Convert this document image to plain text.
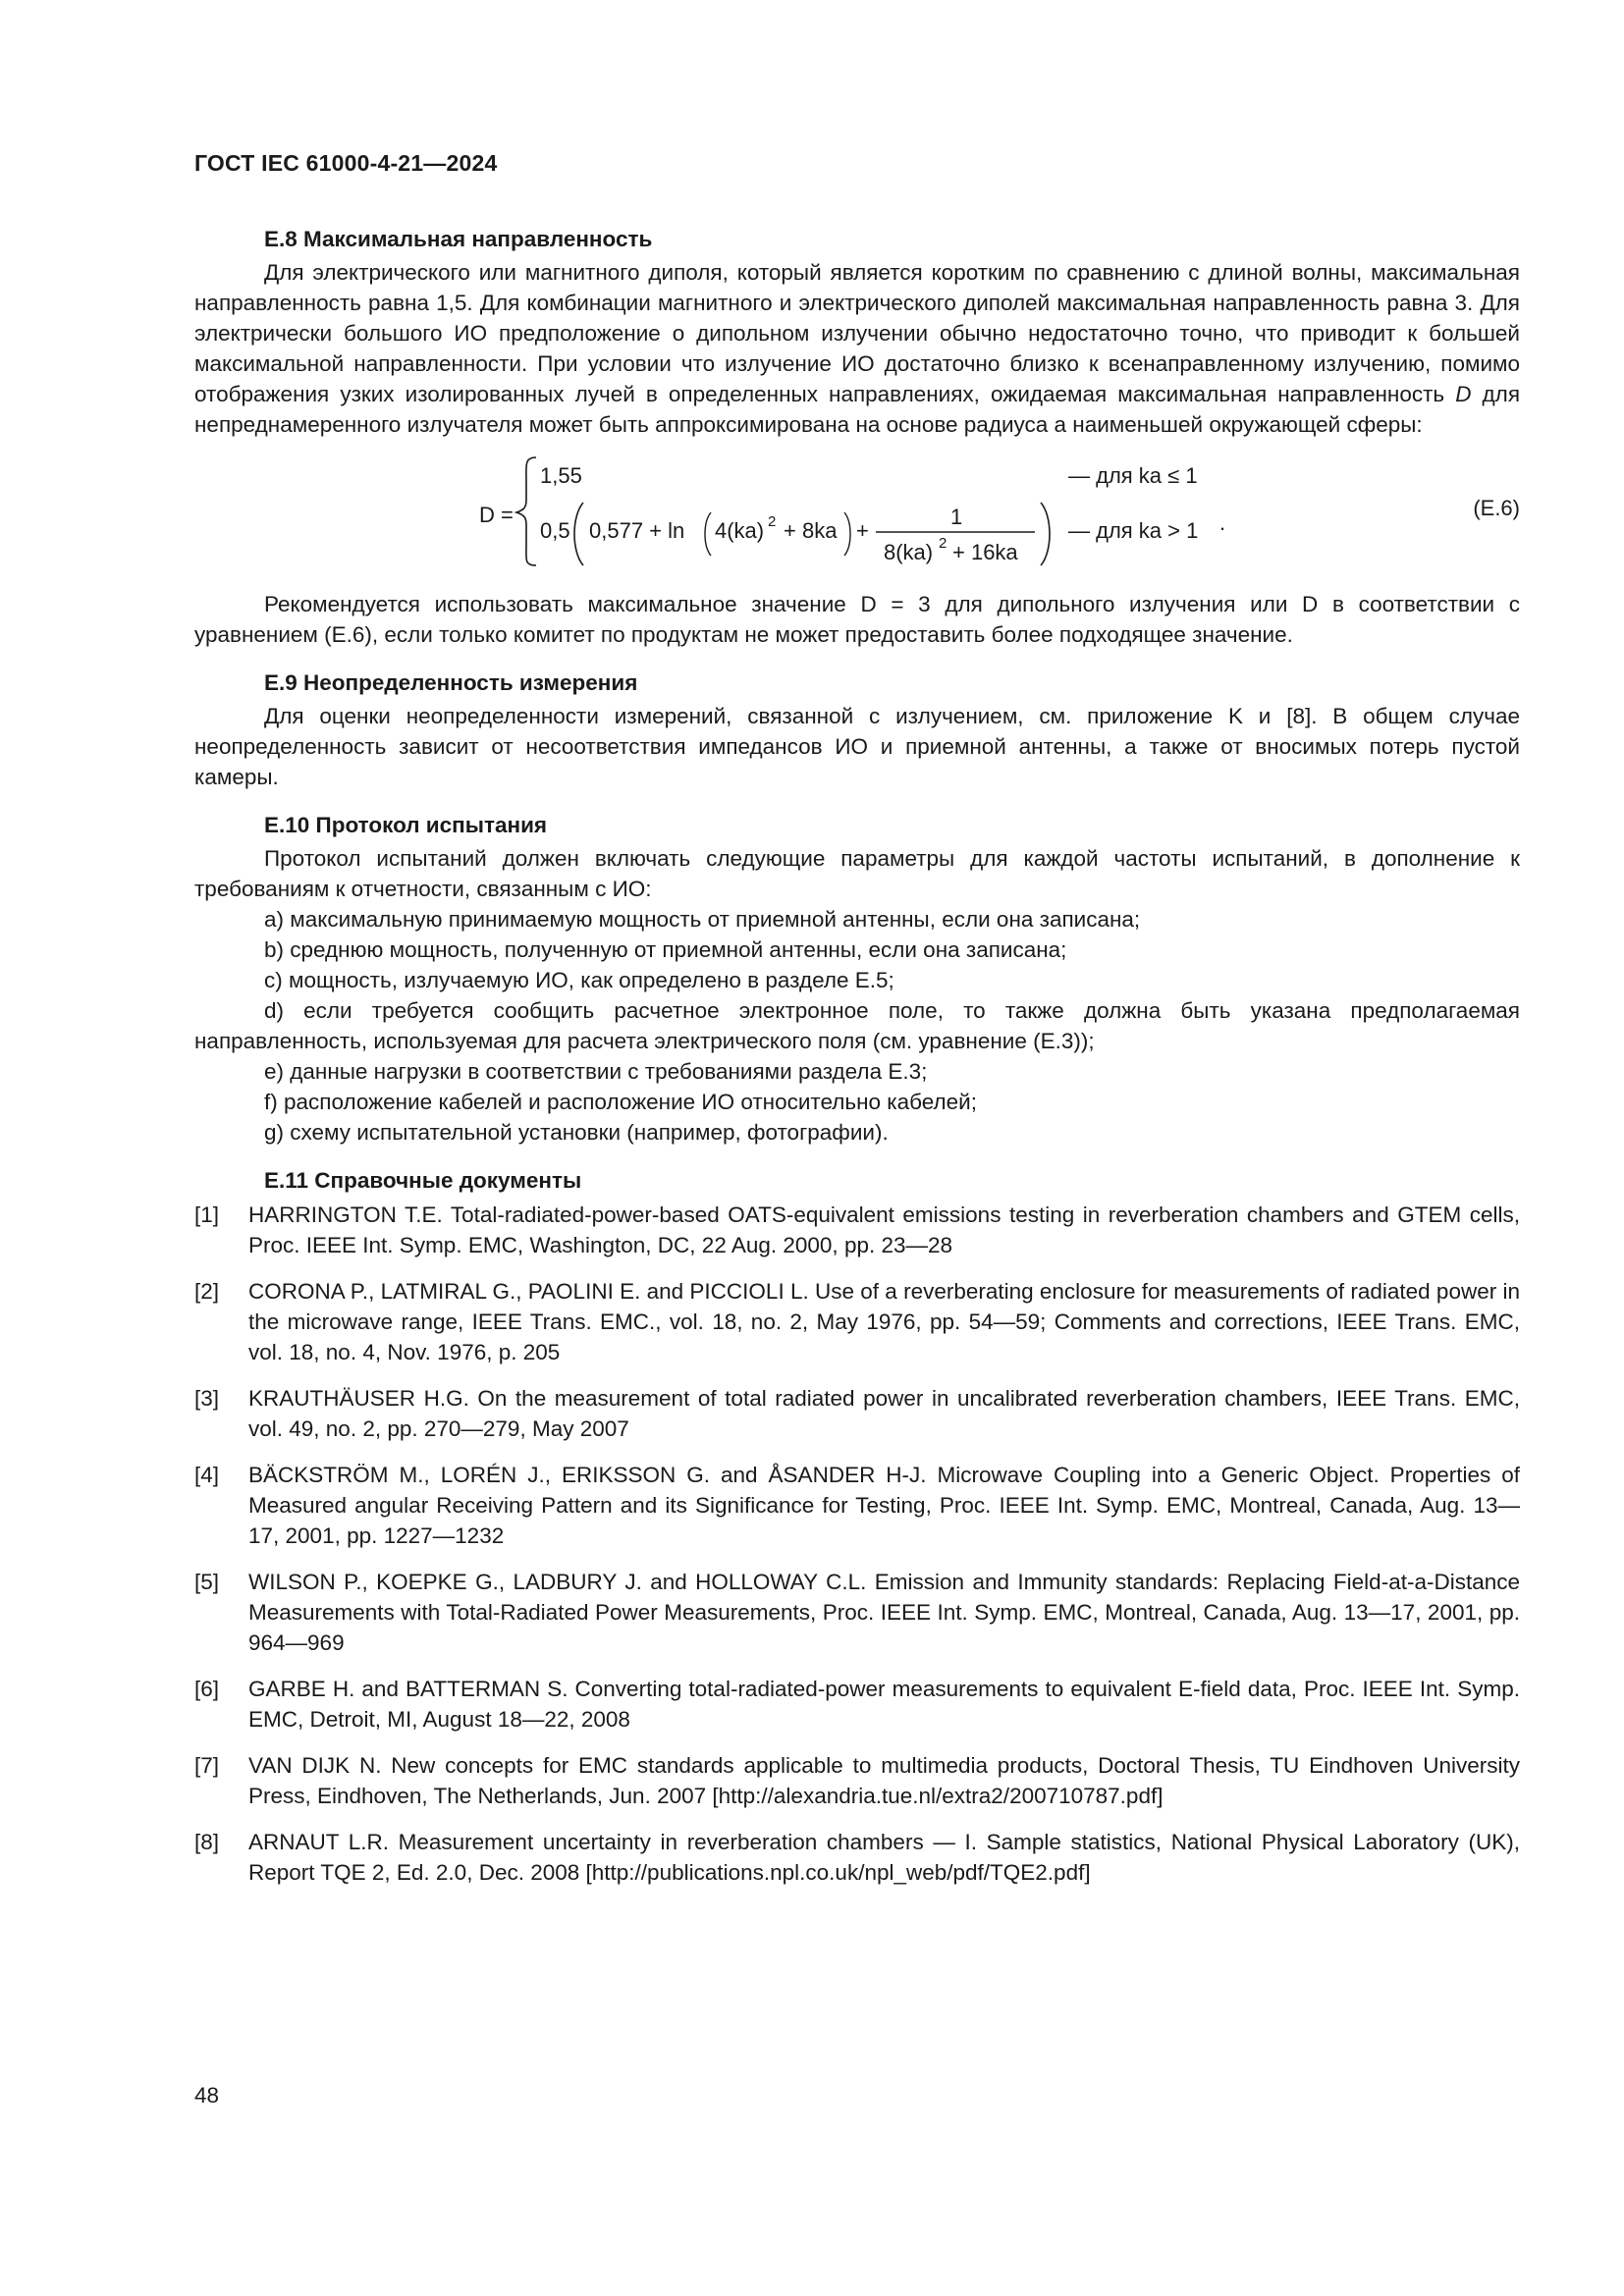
ГОСТ IEC 61000-4-21—2024

E.8 Максимальная направленность

Для электрического или магнитного диполя, который является коротким по сравнению с длиной волны, максимальная направленность равна 1,5. Для комбинации магнитного и электрического диполей максимальная направленность равна 3. Для электрически большого ИО предположение о дипольном излучении обычно недостаточно точно, что приводит к большей максимальной направленности. При условии что излучение ИО достаточно близко к всенаправленному излучению, помимо отображения узких изолированных лучей в определенных направлениях, ожидаемая максимальная направленность D для непреднамеренного излучателя может быть аппроксимирована на основе радиуса a наименьшей окружающей сферы:

D =
1,55
0,5 0,577 + ln 4(ka) 2 + 8ka +
1
8(ka) 2 + 16ka
— для ka ≤ 1
— для ka > 1 .
(E.6)

Рекомендуется использовать максимальное значение D = 3 для дипольного излучения или D в соответствии с уравнением (E.6), если только комитет по продуктам не может предоставить более подходящее значение.

E.9 Неопределенность измерения

Для оценки неопределенности измерений, связанной с излучением, см. приложение K и [8]. В общем случае неопределенность зависит от несоответствия импедансов ИО и приемной антенны, а также от вносимых потерь пустой камеры.

E.10 Протокол испытания

Протокол испытаний должен включать следующие параметры для каждой частоты испытаний, в дополнение к требованиям к отчетности, связанным с ИО:

a) максимальную принимаемую мощность от приемной антенны, если она записана;

b) среднюю мощность, полученную от приемной антенны, если она записана;

c) мощность, излучаемую ИО, как определено в разделе E.5;

d) если требуется сообщить расчетное электронное поле, то также должна быть указана предполагаемая направленность, используемая для расчета электрического поля (см. уравнение (E.3));

e) данные нагрузки в соответствии с требованиями раздела E.3;

f) расположение кабелей и расположение ИО относительно кабелей;

g) схему испытательной установки (например, фотографии).

E.11 Справочные документы

[1]	HARRINGTON T.E. Total-radiated-power-based OATS-equivalent emissions testing in reverberation chambers and GTEM cells, Proc. IEEE Int. Symp. EMC, Washington, DC, 22 Aug. 2000, pp. 23—28
[2]	CORONA P., LATMIRAL G., PAOLINI E. and PICCIOLI L. Use of a reverberating enclosure for measurements of radiated power in the microwave range, IEEE Trans. EMC., vol. 18, no. 2, May 1976, pp. 54—59; Comments and corrections, IEEE Trans. EMC, vol. 18, no. 4, Nov. 1976, p. 205
[3]	KRAUTHÄUSER H.G. On the measurement of total radiated power in uncalibrated reverberation chambers, IEEE Trans. EMC, vol. 49, no. 2, pp. 270—279, May 2007
[4]	BÄCKSTRÖM M., LORÉN J., ERIKSSON G. and ÅSANDER H-J. Microwave Coupling into a Generic Object. Properties of Measured angular Receiving Pattern and its Significance for Testing, Proc. IEEE Int. Symp. EMC, Montreal, Canada, Aug. 13—17, 2001, pp. 1227—1232
[5]	WILSON P., KOEPKE G., LADBURY J. and HOLLOWAY C.L. Emission and Immunity standards: Replacing Field-at-a-Distance Measurements with Total-Radiated Power Measurements, Proc. IEEE Int. Symp. EMC, Montreal, Canada, Aug. 13—17, 2001, pp. 964—969
[6]	GARBE H. and BATTERMAN S. Converting total-radiated-power measurements to equivalent E-field data, Proc. IEEE Int. Symp. EMC, Detroit, MI, August 18—22, 2008
[7]	VAN DIJK N. New concepts for EMC standards applicable to multimedia products, Doctoral Thesis, TU Eindhoven University Press, Eindhoven, The Netherlands, Jun. 2007 [http://alexandria.tue.nl/extra2/200710787.pdf]
[8]	ARNAUT L.R. Measurement uncertainty in reverberation chambers — I. Sample statistics, National Physical Laboratory (UK), Report TQE 2, Ed. 2.0, Dec. 2008 [http://publications.npl.co.uk/npl_web/pdf/TQE2.pdf]
48
